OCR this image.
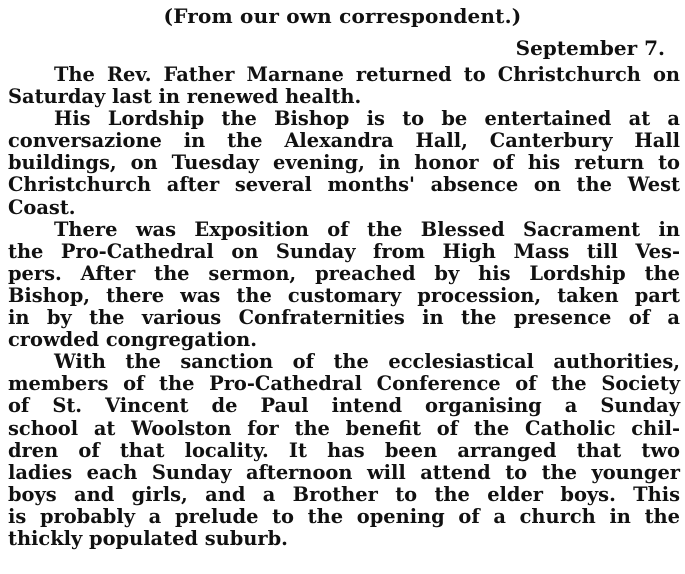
(From our own correspondent.)
September 7.
The Rev. Father Marnane returned to Christchurch on
Saturday last in renewed health.
His Lordship the Bishop is to be entertained at a
conversazione in the Alexandra Hall, Canterbury Hall
buildings, on Tuesday evening, in honor of his return to
Christchurch after several months' absence on the West
Coast.
There was Exposition of the Blessed Sacrament in
the Pro-Cathedral on Sunday from High Mass till Ves-
pers. After the sermon, preached by his Lordship the
Bishop, there was the customary procession, taken part
in by the various Confraternities in the presence of a
crowded congregation.
With the sanction of the ecclesiastical authorities,
members of the Pro-Cathedral Conference of the Society
of St. Vincent de Paul intend organising a Sunday
school at Woolston for the benefit of the Catholic chil-
dren of that locality. It has been arranged that two
ladies each Sunday afternoon will attend to the younger
boys and girls, and a Brother to the elder boys. This
is probably a prelude to the opening of a church in the
thickly populated suburb.
